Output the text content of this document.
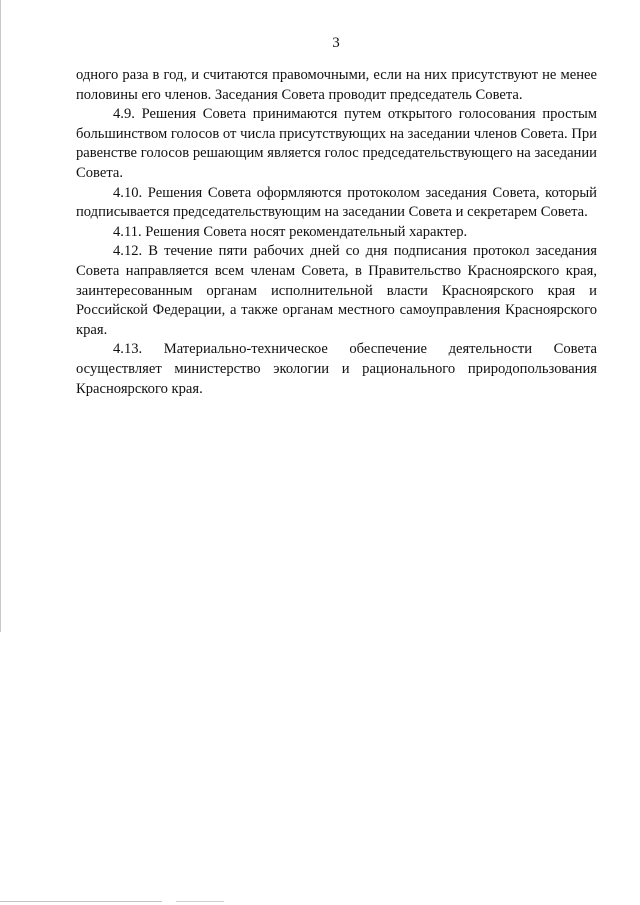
3

одного раза в год, и считаются правомочными, если на них присутствуют не менее половины его членов. Заседания Совета проводит председатель Совета.

4.9. Решения Совета принимаются путем открытого голосования простым большинством голосов от числа присутствующих на заседании членов Совета. При равенстве голосов решающим является голос председательствующего на заседании Совета.

4.10. Решения Совета оформляются протоколом заседания Совета, который подписывается председательствующим на заседании Совета и секретарем Совета.

4.11. Решения Совета носят рекомендательный характер.

4.12. В течение пяти рабочих дней со дня подписания протокол заседания Совета направляется всем членам Совета, в Правительство Красноярского края, заинтересованным органам исполнительной власти Красноярского края и Российской Федерации, а также органам местного самоуправления Красноярского края.

4.13. Материально-техническое обеспечение деятельности Совета осуществляет министерство экологии и рационального природопользования Красноярского края.
